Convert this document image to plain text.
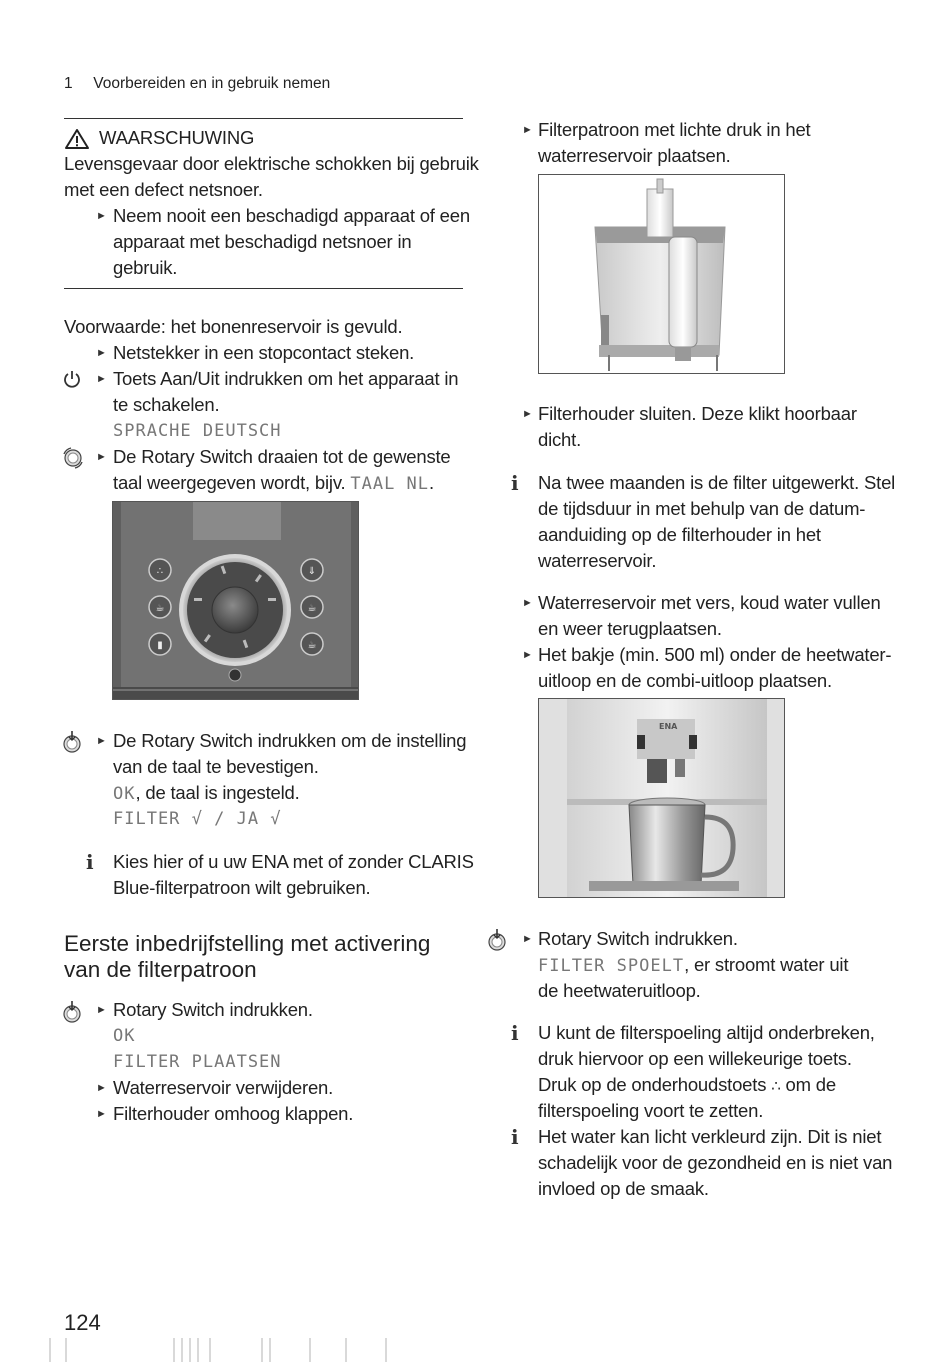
1 Voorbereiden en in gebruik nemen
WAARSCHUWING
Levensgevaar door elektrische schokken bij gebruik
met een defect netsnoer.
► Neem nooit een beschadigd apparaat of een
apparaat met beschadigd netsnoer in
gebruik.
Voorwaarde: het bonenreservoir is gevuld.
► Netstekker in een stopcontact steken.
► Toets Aan/Uit indrukken om het apparaat in
te schakelen.
SPRACHE DEUTSCH
► De Rotary Switch draaien tot de gewenste
taal weergegeven wordt, bijv. TAAL NL.
∴
☕
▮
⇓
☕
☕
► De Rotary Switch indrukken om de instelling
van de taal te bevestigen.
OK, de taal is ingesteld.
FILTER √ / JA √
i Kies hier of u uw ENA met of zonder CLARIS
Blue-filterpatroon wilt gebruiken.
Eerste inbedrijfstelling met activering
van de filterpatroon
► Rotary Switch indrukken.
OK
FILTER PLAATSEN
► Waterreservoir verwijderen.
► Filterhouder omhoog klappen.
► Filterpatroon met lichte druk in het
waterreservoir plaatsen.
► Filterhouder sluiten. Deze klikt hoorbaar
dicht.
i Na twee maanden is de filter uitgewerkt. Stel
de tijdsduur in met behulp van de datum-
aanduiding op de filterhouder in het
waterreservoir.
► Waterreservoir met vers, koud water vullen
en weer terugplaatsen.
► Het bakje (min. 500 ml) onder de heetwater-
uitloop en de combi-uitloop plaatsen.
ENA
► Rotary Switch indrukken.
FILTER SPOELT, er stroomt water uit
de heetwateruitloop.
i U kunt de filterspoeling altijd onderbreken,
druk hiervoor op een willekeurige toets.
Druk op de onderhoudstoets ∴ om de
filterspoeling voort te zetten.
i Het water kan licht verkleurd zijn. Dit is niet
schadelijk voor de gezondheid en is niet van
invloed op de smaak.
124
